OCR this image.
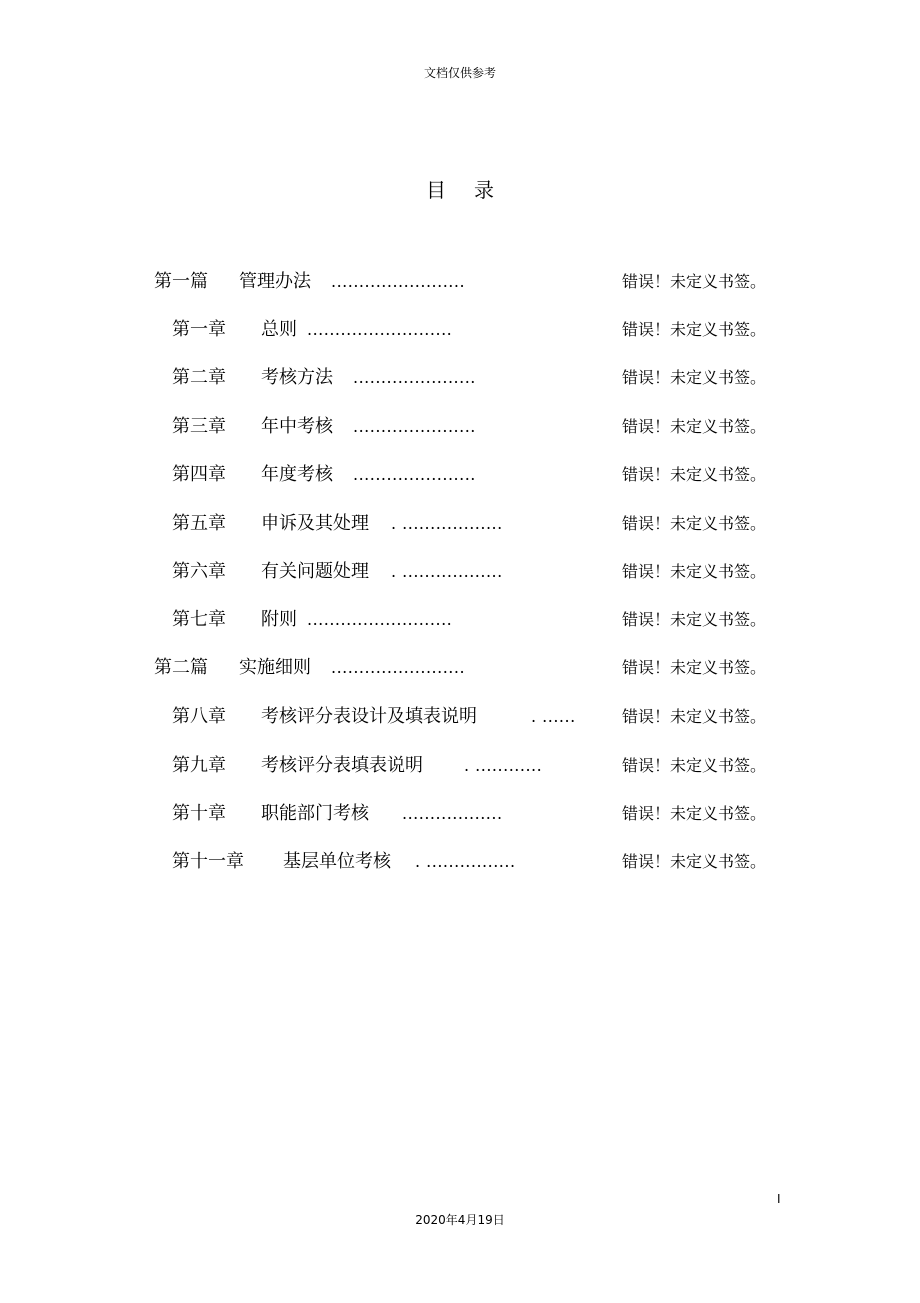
文档仅供参考
目录
第一篇 管理办法 ........................	错误！未定义书签。
第一章 总则 ..........................	错误！未定义书签。
第二章 考核方法 ......................	错误！未定义书签。
第三章 年中考核 ......................	错误！未定义书签。
第四章 年度考核 ......................	错误！未定义书签。
第五章 申诉及其处理 . ..................	错误！未定义书签。
第六章 有关问题处理 . ..................	错误！未定义书签。
第七章 附则 ..........................	错误！未定义书签。
第二篇 实施细则 ........................	错误！未定义书签。
第八章 考核评分表设计及填表说明	. ......	错误！未定义书签。
第九章 考核评分表填表说明	. ............	错误！未定义书签。
第十章 职能部门考核 ..................	错误！未定义书签。
第十一章 基层单位考核 . ................	错误！未定义书签。
I
2020年4月19日
